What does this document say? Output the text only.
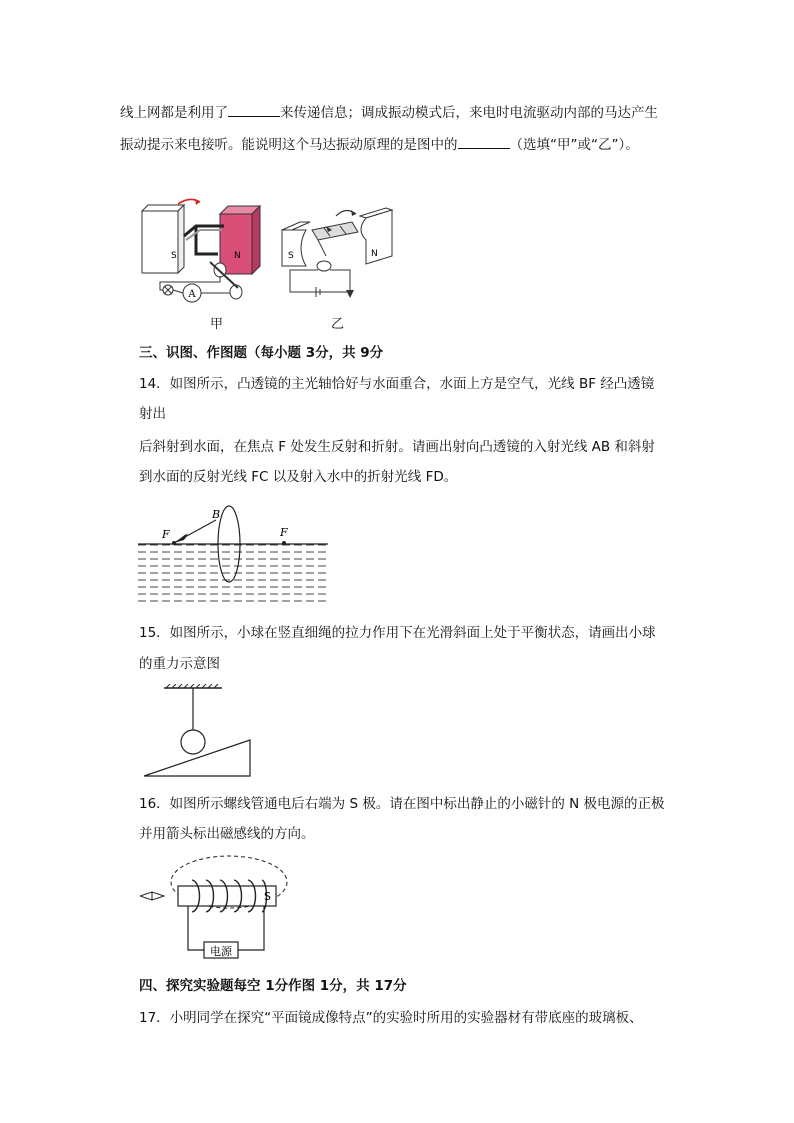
线上网都是利用了	来传递信息；调成振动模式后，来电时电流驱动内部的马达产生
振动提示来电接听。能说明这个马达振动原理的是图中的	（选填“甲”或“乙”）。
A
S	N
甲
S	N
乙
三、识图、作图题（每小题 3分，共 9分
14．如图所示，凸透镜的主光轴恰好与水面重合，水面上方是空气，光线 BF 经凸透镜
射出
后斜射到水面，在焦点 F 处发生反射和折射。请画出射向凸透镜的入射光线 AB 和斜射
到水面的反射光线 FC 以及射入水中的折射光线 FD。
F
B
F
15．如图所示，小球在竖直细绳的拉力作用下在光滑斜面上处于平衡状态，请画出小球
的重力示意图
16．如图所示螺线管通电后右端为 S 极。请在图中标出静止的小磁针的 N 极电源的正极
并用箭头标出磁感线的方向。
S
电源
四、探究实验题每空 1分作图 1分，共 17分
17．小明同学在探究“平面镜成像特点”的实验时所用的实验器材有带底座的玻璃板、
